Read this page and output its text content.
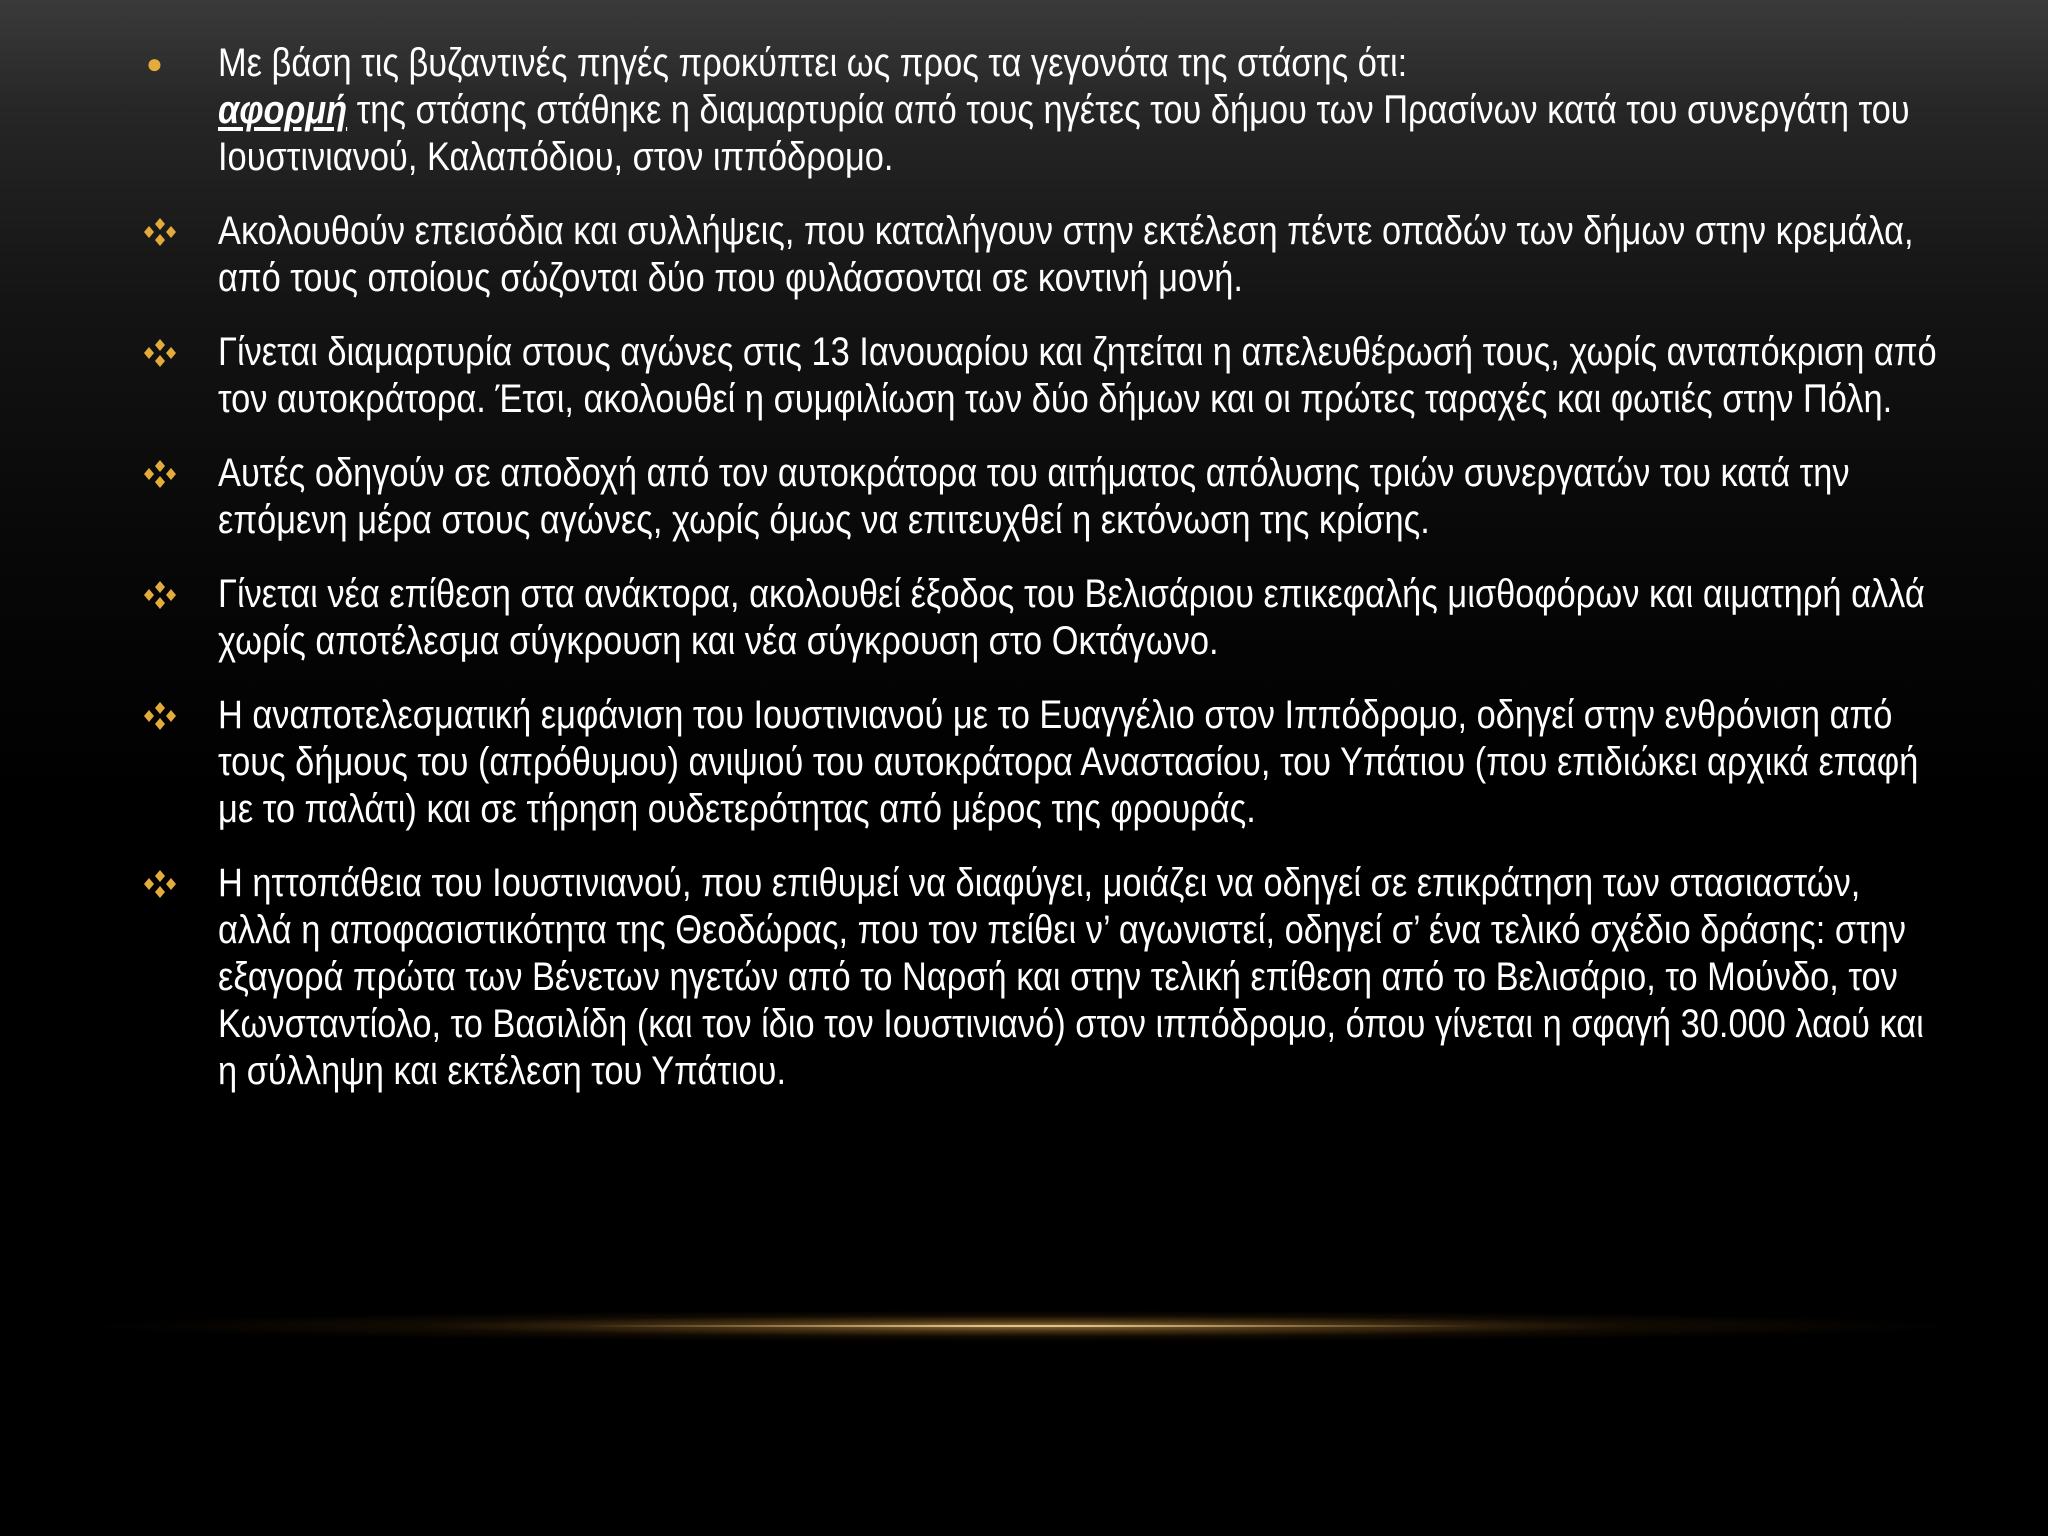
● Με βάση τις βυζαντινές πηγές προκύπτει ως προς τα γεγονότα της στάσης ότι:
αφορμή της στάσης στάθηκε η διαμαρτυρία από τους ηγέτες του δήμου των Πρασίνων κατά του συνεργάτη του Ιουστινιανού, Καλαπόδιου, στον ιππόδρομο.
Ακολουθούν επεισόδια και συλλήψεις, που καταλήγουν στην εκτέλεση πέντε οπαδών των δήμων στην κρεμάλα, από τους οποίους σώζονται δύο που φυλάσσονται σε κοντινή μονή.
Γίνεται διαμαρτυρία στους αγώνες στις 13 Ιανουαρίου και ζητείται η απελευθέρωσή τους, χωρίς ανταπόκριση από τον αυτοκράτορα. Έτσι, ακολουθεί η συμφιλίωση των δύο δήμων και οι πρώτες ταραχές και φωτιές στην Πόλη.
Αυτές οδηγούν σε αποδοχή από τον αυτοκράτορα του αιτήματος απόλυσης τριών συνεργατών του κατά την επόμενη μέρα στους αγώνες, χωρίς όμως να επιτευχθεί η εκτόνωση της κρίσης.
Γίνεται νέα επίθεση στα ανάκτορα, ακολουθεί έξοδος του Βελισάριου επικεφαλής μισθοφόρων και αιματηρή αλλά χωρίς αποτέλεσμα σύγκρουση και νέα σύγκρουση στο Οκτάγωνο.
Η αναποτελεσματική εμφάνιση του Ιουστινιανού με το Ευαγγέλιο στον Ιππόδρομο, οδηγεί στην ενθρόνιση από τους δήμους του (απρόθυμου) ανιψιού του αυτοκράτορα Αναστασίου, του Υπάτιου (που επιδιώκει αρχικά επαφή με το παλάτι) και σε τήρηση ουδετερότητας από μέρος της φρουράς.
Η ηττοπάθεια του Ιουστινιανού, που επιθυμεί να διαφύγει, μοιάζει να οδηγεί σε επικράτηση των στασιαστών, αλλά η αποφασιστικότητα της Θεοδώρας, που τον πείθει ν’ αγωνιστεί, οδηγεί σ’ ένα τελικό σχέδιο δράσης: στην εξαγορά πρώτα των Βένετων ηγετών από το Ναρσή και στην τελική επίθεση από το Βελισάριο, το Μούνδο, τον Κωνσταντίολο, το Βασιλίδη (και τον ίδιο τον Ιουστινιανό) στον ιππόδρομο, όπου γίνεται η σφαγή 30.000 λαού και η σύλληψη και εκτέλεση του Υπάτιου.
